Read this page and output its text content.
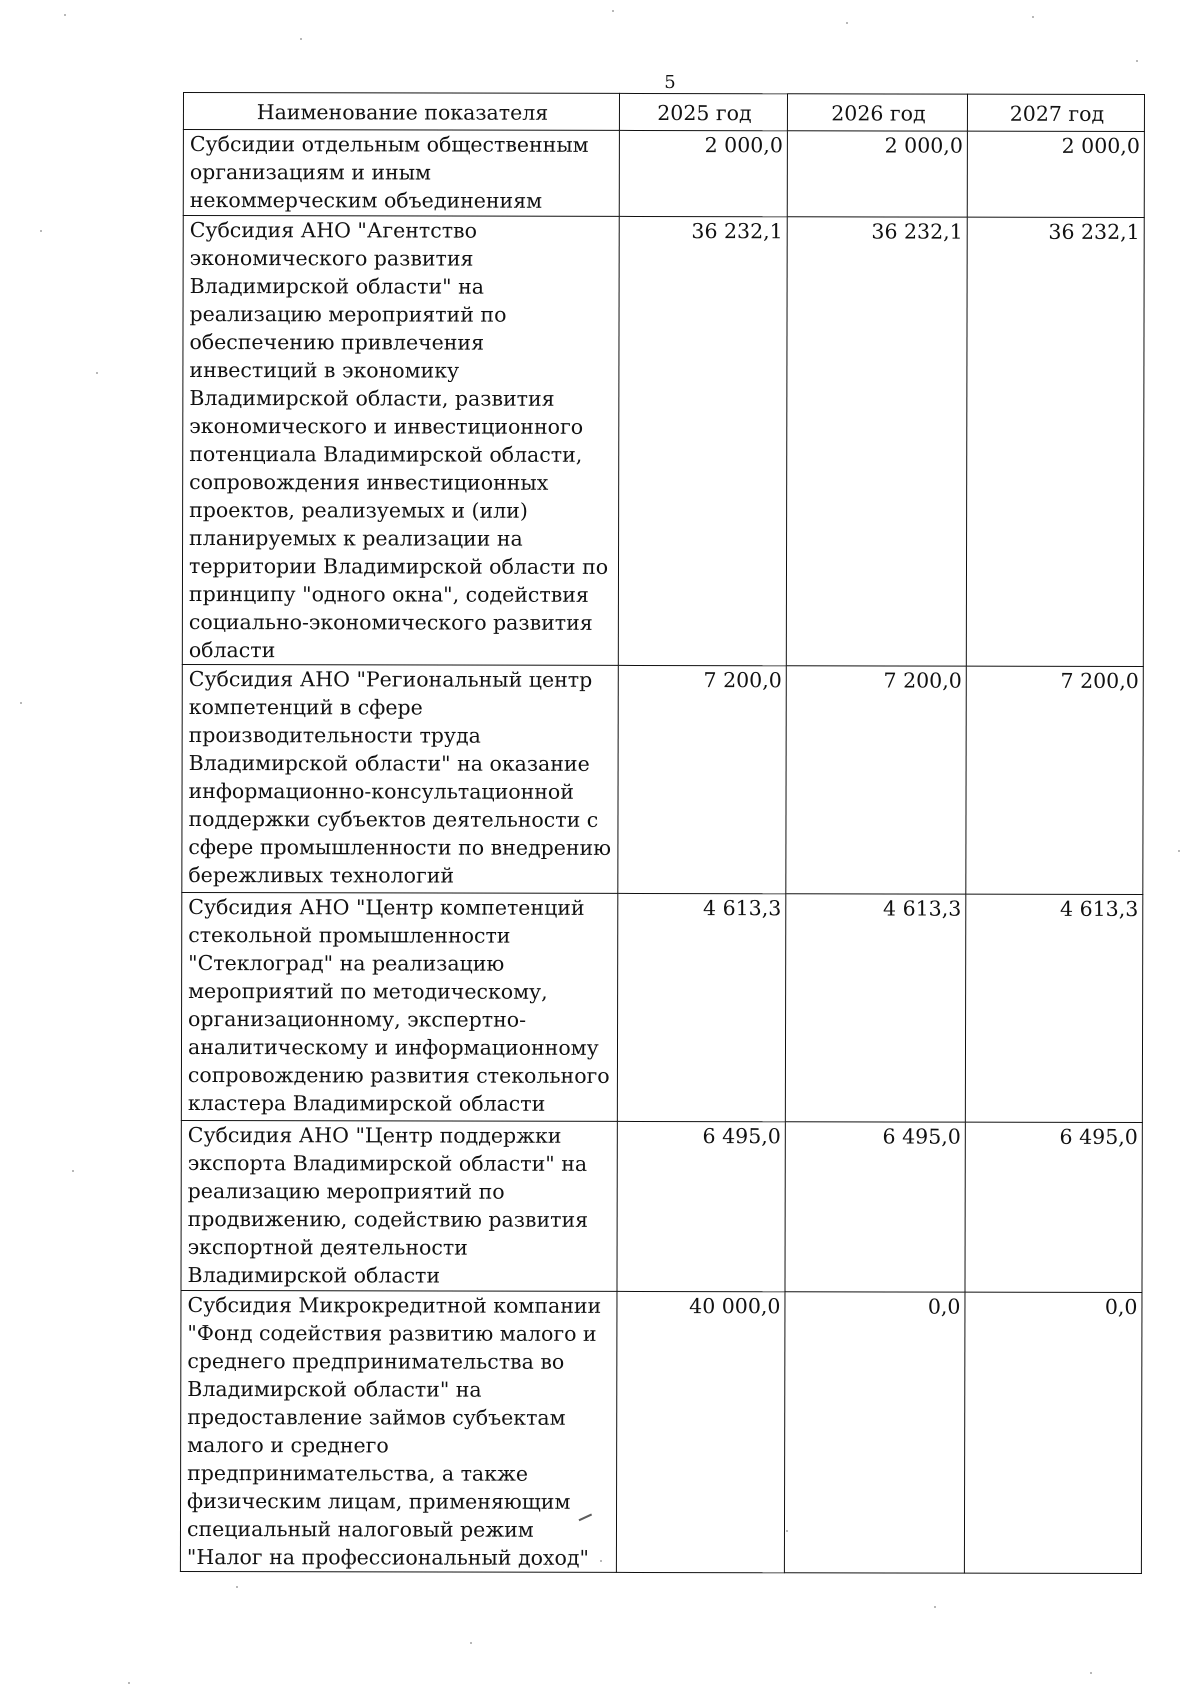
5
Наименование показателя	2025 год	2026 год	2027 год
Субсидии отдельным общественным организациям и иным некоммерческим объединениям	2 000,0	2 000,0	2 000,0
Субсидия АНО "Агентство экономического развития Владимирской области" на реализацию мероприятий по обеспечению привлечения инвестиций в экономику Владимирской области, развития экономического и инвестиционного потенциала Владимирской области, сопровождения инвестиционных проектов, реализуемых и (или) планируемых к реализации на территории Владимирской области по принципу "одного окна", содействия социально-экономического развития области	36 232,1	36 232,1	36 232,1
Субсидия АНО "Региональный центр компетенций в сфере производительности труда Владимирской области" на оказание информационно-консультационной поддержки субъектов деятельности с сфере промышленности по внедрению бережливых технологий	7 200,0	7 200,0	7 200,0
Субсидия АНО "Центр компетенций стекольной промышленности "Стеклоград" на реализацию мероприятий по методическому, организационному, экспертно-аналитическому и информационному сопровождению развития стекольного кластера Владимирской области	4 613,3	4 613,3	4 613,3
Субсидия АНО "Центр поддержки экспорта Владимирской области" на реализацию мероприятий по продвижению, содействию развития экспортной деятельности Владимирской области	6 495,0	6 495,0	6 495,0
Субсидия Микрокредитной компании "Фонд содействия развитию малого и среднего предпринимательства во Владимирской области" на предоставление займов субъектам малого и среднего предпринимательства, а также физическим лицам, применяющим специальный налоговый режим "Налог на профессиональный доход"	40 000,0	0,0	0,0
